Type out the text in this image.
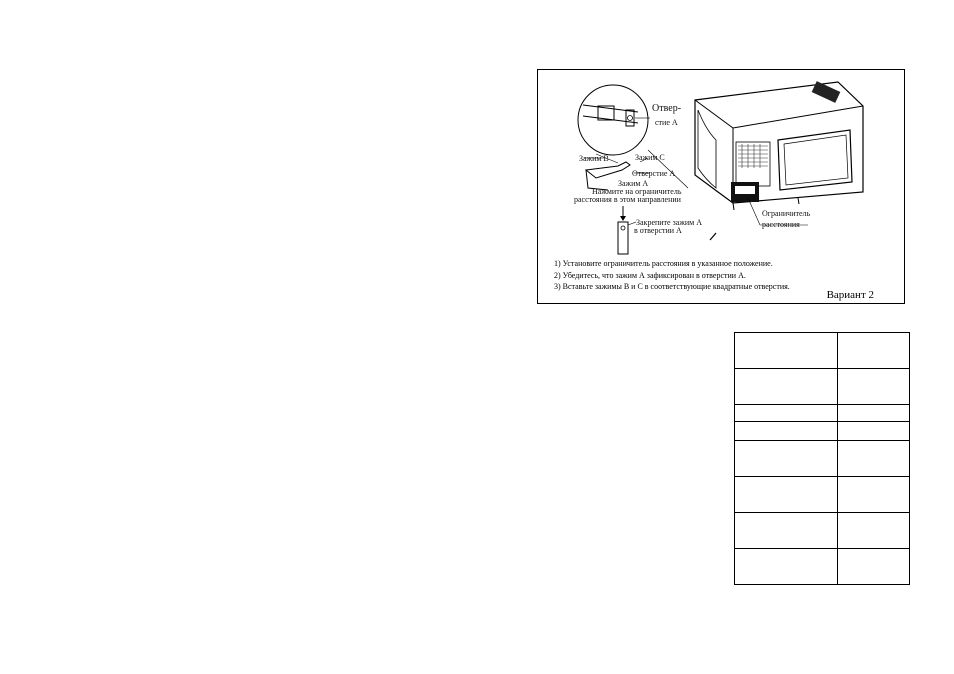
Отвер-
стие А
Зажим В	Зажим С
Отверстие А
Зажим А
Нажмите на ограничитель
расстояния в этом направлении
Закрепите зажим А
в отверстии А
Ограничитель
расстояния
1) Установите ограничитель расстояния в указанное положение.
2) Убедитесь, что зажим А зафиксирован в отверстии А.
3) Вставьте зажимы В и С в соответствующие квадратные отверстия.
Вариант 2
